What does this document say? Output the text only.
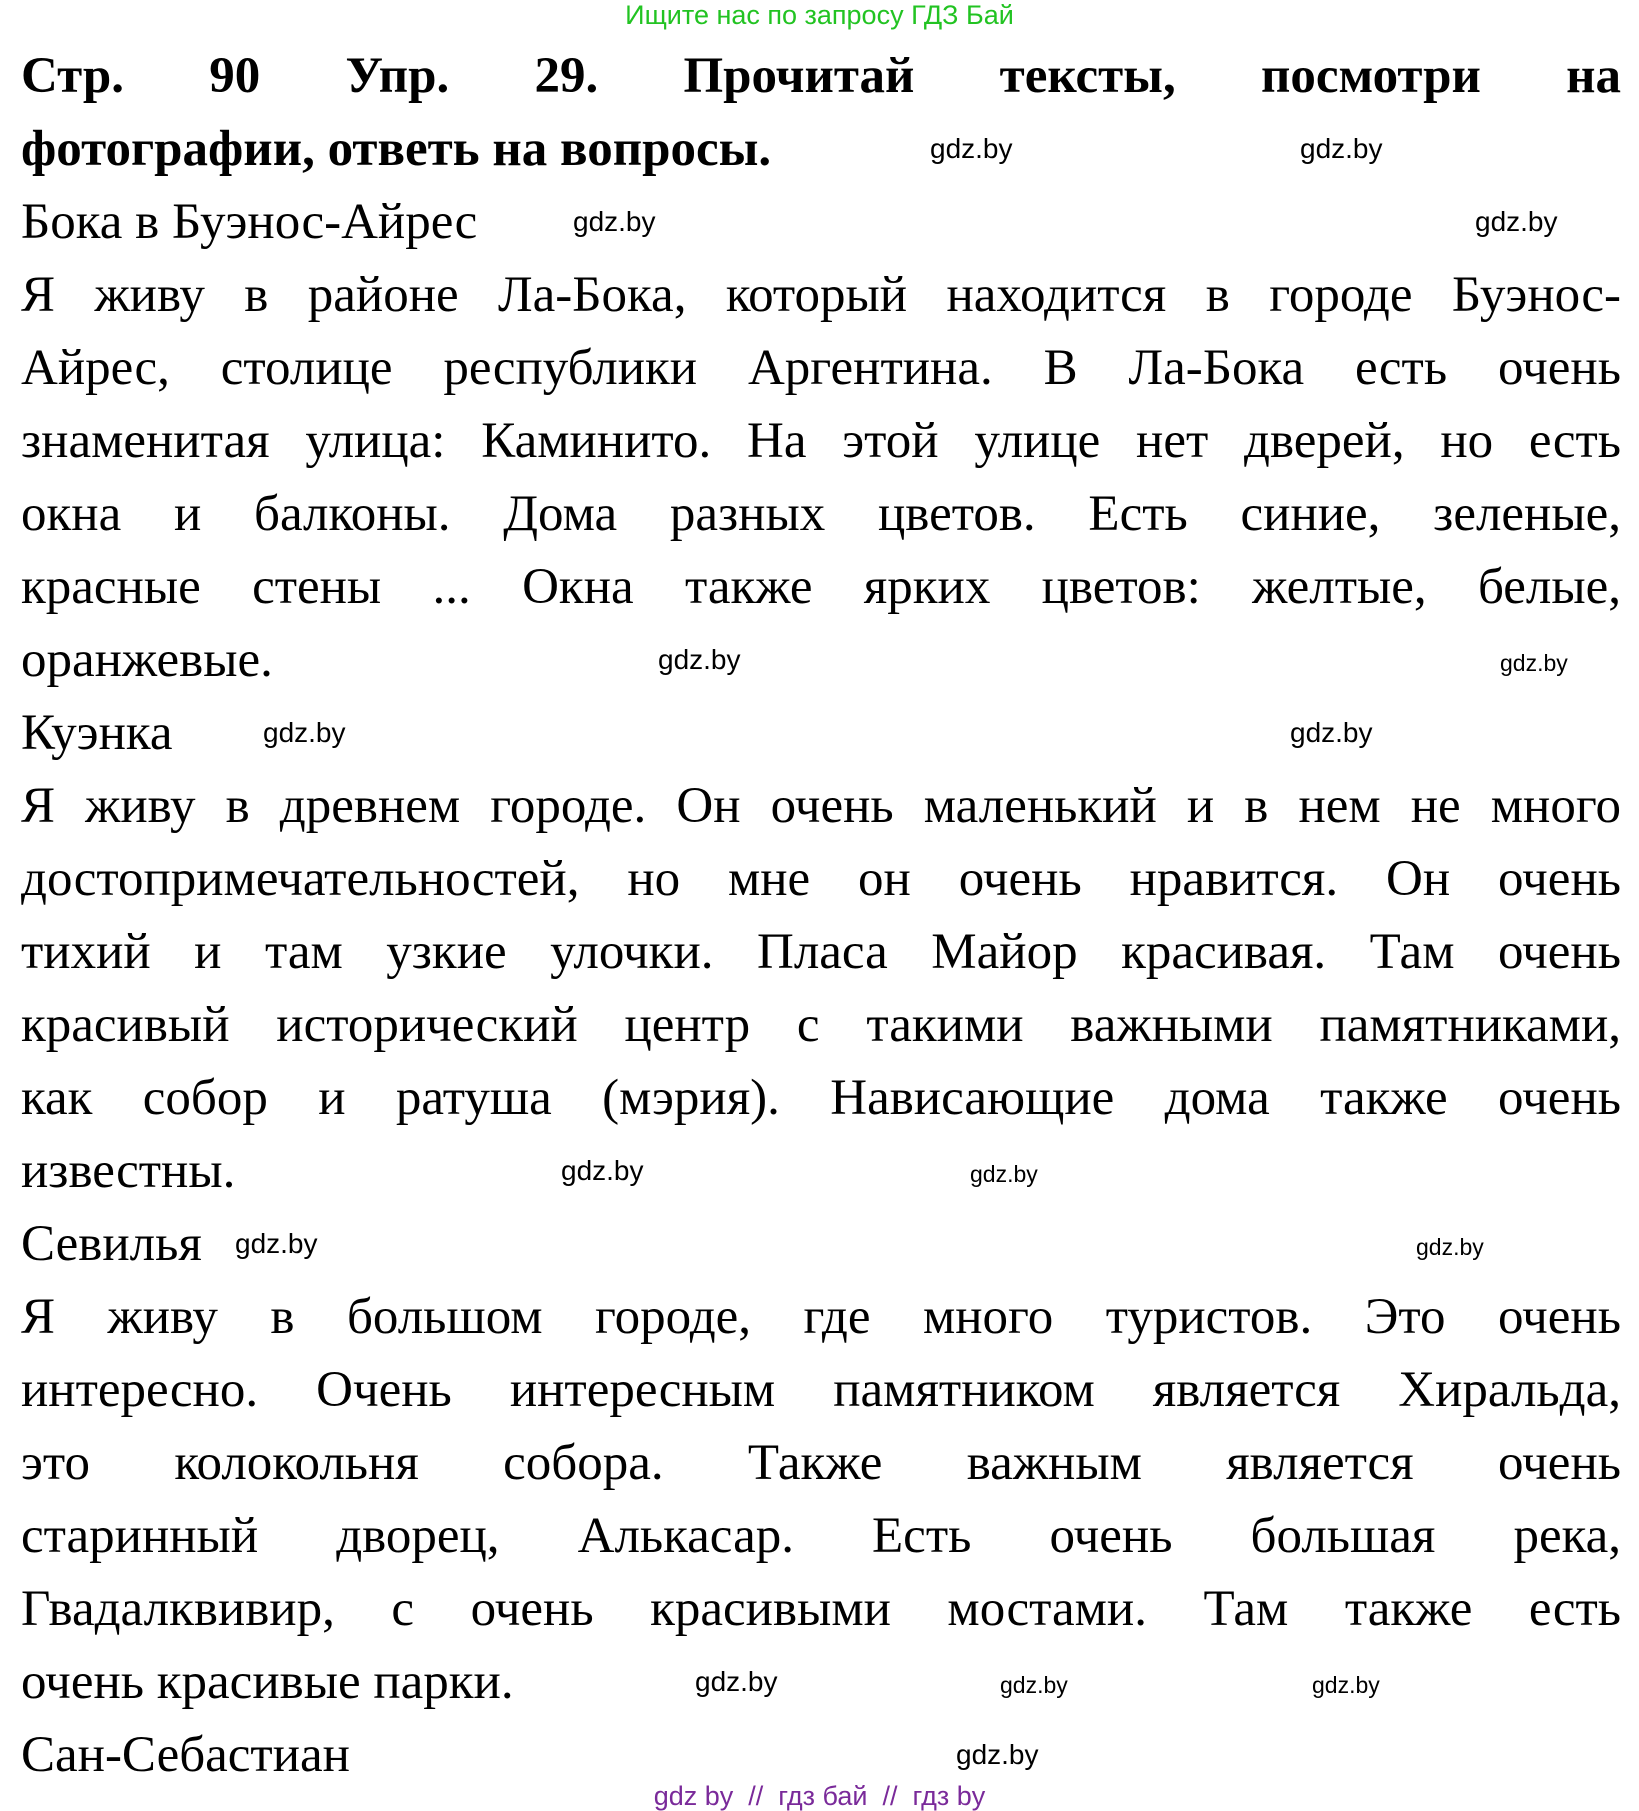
Ищите нас по запросу ГДЗ Бай
Стр. 90 Упр. 29. Прочитай тексты, посмотри на
фотографии, ответь на вопросы.
Бока в Буэнос-Айрес
Я живу в районе Ла-Бока, который находится в городе Буэнос-
Айрес, столице республики Аргентина. В Ла-Бока есть очень
знаменитая улица: Каминито. На этой улице нет дверей, но есть
окна и балконы. Дома разных цветов. Есть синие, зеленые,
красные стены ... Окна также ярких цветов: желтые, белые,
оранжевые.
Куэнка
Я живу в древнем городе. Он очень маленький и в нем не много
достопримечательностей, но мне он очень нравится. Он очень
тихий и там узкие улочки. Пласа Майор красивая. Там очень
красивый исторический центр с такими важными памятниками,
как собор и ратуша (мэрия). Нависающие дома также очень
известны.
Севилья
Я живу в большом городе, где много туристов. Это очень
интересно. Очень интересным памятником является Хиральда,
это колокольня собора. Также важным является очень
старинный дворец, Алькасар. Есть очень большая река,
Гвадалквивир, с очень красивыми мостами. Там также есть
очень красивые парки.
Сан-Себастиан
gdz.by
gdz.by
gdz.by	gdz.by
gdz.by
gdz.by
gdz.by	gdz.by
gdz.by	gdz.by
gdz.by	gdz.by
gdz.by	gdz.by
gdz.by
gdz.by
gdz by  //  гдз бай  //  гдз by
